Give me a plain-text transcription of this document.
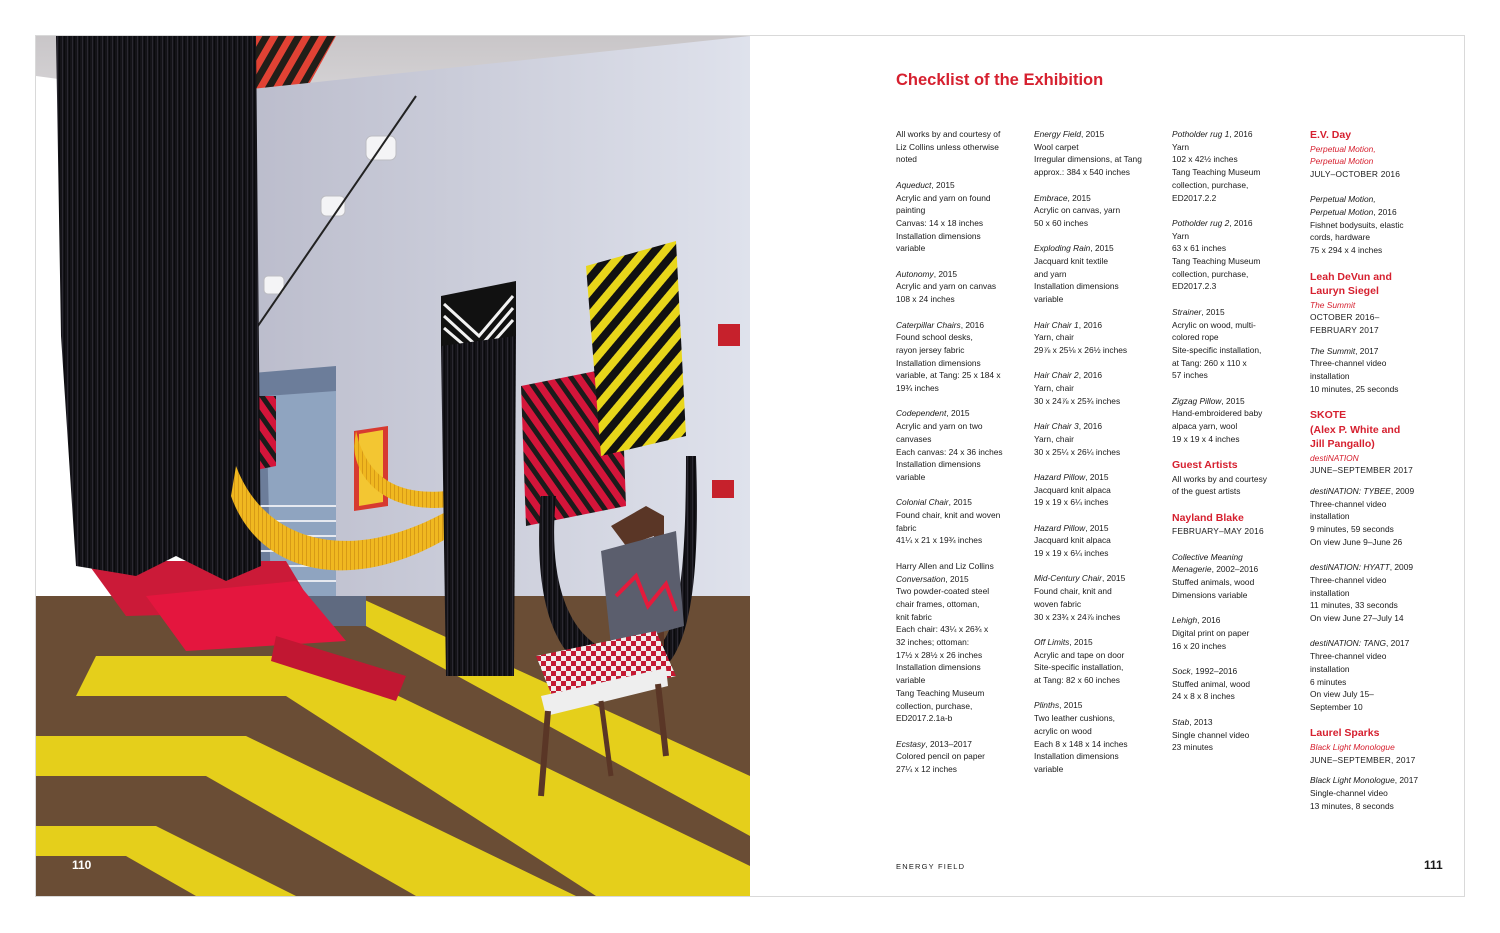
110
Checklist of the Exhibition
All works by and courtesy of
Liz Collins unless otherwise
noted
Aqueduct, 2015
Acrylic and yarn on found
painting
Canvas: 14 x 18 inches
Installation dimensions
variable
Autonomy, 2015
Acrylic and yarn on canvas
108 x 24 inches
Caterpillar Chairs, 2016
Found school desks,
rayon jersey fabric
Installation dimensions
variable, at Tang: 25 x 184 x
19¾ inches
Codependent, 2015
Acrylic and yarn on two
canvases
Each canvas: 24 x 36 inches
Installation dimensions
variable
Colonial Chair, 2015
Found chair, knit and woven
fabric
41¼ x 21 x 19¾ inches
Harry Allen and Liz Collins
Conversation, 2015
Two powder-coated steel
chair frames, ottoman,
knit fabric
Each chair: 43¼ x 26¾ x
32 inches; ottoman:
17½ x 28½ x 26 inches
Installation dimensions
variable
Tang Teaching Museum
collection, purchase,
ED2017.2.1a-b
Ecstasy, 2013–2017
Colored pencil on paper
27¼ x 12 inches
Energy Field, 2015
Wool carpet
Irregular dimensions, at Tang
approx.: 384 x 540 inches
Embrace, 2015
Acrylic on canvas, yarn
50 x 60 inches
Exploding Rain, 2015
Jacquard knit textile
and yarn
Installation dimensions
variable
Hair Chair 1, 2016
Yarn, chair
29⅞ x 25⅛ x 26½ inches
Hair Chair 2, 2016
Yarn, chair
30 x 24⅞ x 25¾ inches
Hair Chair 3, 2016
Yarn, chair
30 x 25¼ x 26¼ inches
Hazard Pillow, 2015
Jacquard knit alpaca
19 x 19 x 6¼ inches
Hazard Pillow, 2015
Jacquard knit alpaca
19 x 19 x 6¼ inches
Mid-Century Chair, 2015
Found chair, knit and
woven fabric
30 x 23¾ x 24⅞ inches
Off Limits, 2015
Acrylic and tape on door
Site-specific installation,
at Tang: 82 x 60 inches
Plinths, 2015
Two leather cushions,
acrylic on wood
Each 8 x 148 x 14 inches
Installation dimensions
variable
Potholder rug 1, 2016
Yarn
102 x 42½ inches
Tang Teaching Museum
collection, purchase,
ED2017.2.2
Potholder rug 2, 2016
Yarn
63 x 61 inches
Tang Teaching Museum
collection, purchase,
ED2017.2.3
Strainer, 2015
Acrylic on wood, multi-
colored rope
Site-specific installation,
at Tang: 260 x 110 x
57 inches
Zigzag Pillow, 2015
Hand-embroidered baby
alpaca yarn, wool
19 x 19 x 4 inches

Guest Artists

All works by and courtesy
of the guest artists

Nayland Blake

FEBRUARY–MAY 2016
Collective Meaning
Menagerie, 2002–2016
Stuffed animals, wood
Dimensions variable
Lehigh, 2016
Digital print on paper
16 x 20 inches
Sock, 1992–2016
Stuffed animal, wood
24 x 8 x 8 inches
Stab, 2013
Single channel video
23 minutes

E.V. Day

Perpetual Motion,
Perpetual Motion
JULY–OCTOBER 2016
Perpetual Motion,
Perpetual Motion, 2016
Fishnet bodysuits, elastic
cords, hardware
75 x 294 x 4 inches

Leah DeVun and

Lauryn Siegel

The Summit
OCTOBER 2016–
FEBRUARY 2017
The Summit, 2017
Three-channel video
installation
10 minutes, 25 seconds

SKOTE

(Alex P. White and

Jill Pangallo)

destiNATION
JUNE–SEPTEMBER 2017
destiNATION: TYBEE, 2009
Three-channel video
installation
9 minutes, 59 seconds
On view June 9–June 26
destiNATION: HYATT, 2009
Three-channel video
installation
11 minutes, 33 seconds
On view June 27–July 14
destiNATION: TANG, 2017
Three-channel video
installation
6 minutes
On view July 15–
September 10

Laurel Sparks

Black Light Monologue
JUNE–SEPTEMBER, 2017
Black Light Monologue, 2017
Single-channel video
13 minutes, 8 seconds
ENERGY FIELD	111
